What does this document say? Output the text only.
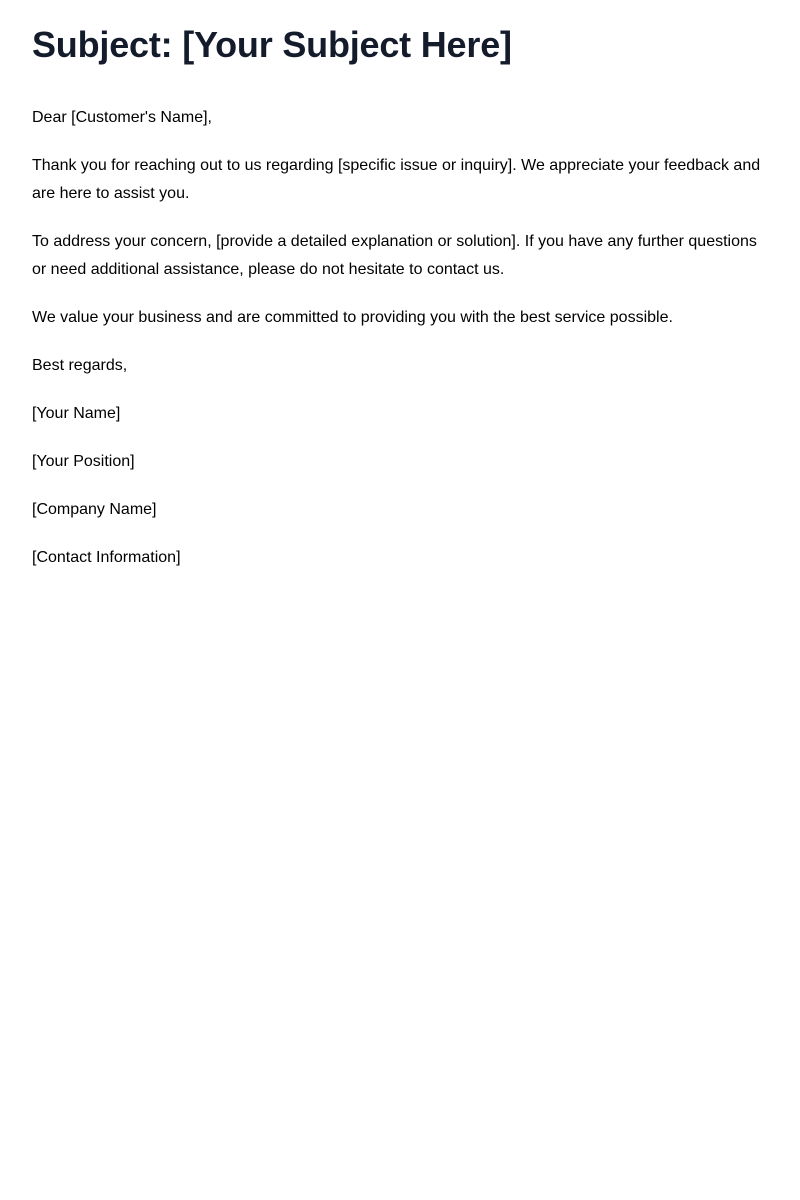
Subject: [Your Subject Here]

Dear [Customer's Name],

Thank you for reaching out to us regarding [specific issue or inquiry]. We appreciate your feedback and are here to assist you.

To address your concern, [provide a detailed explanation or solution]. If you have any further questions or need additional assistance, please do not hesitate to contact us.

We value your business and are committed to providing you with the best service possible.

Best regards,

[Your Name]

[Your Position]

[Company Name]

[Contact Information]
